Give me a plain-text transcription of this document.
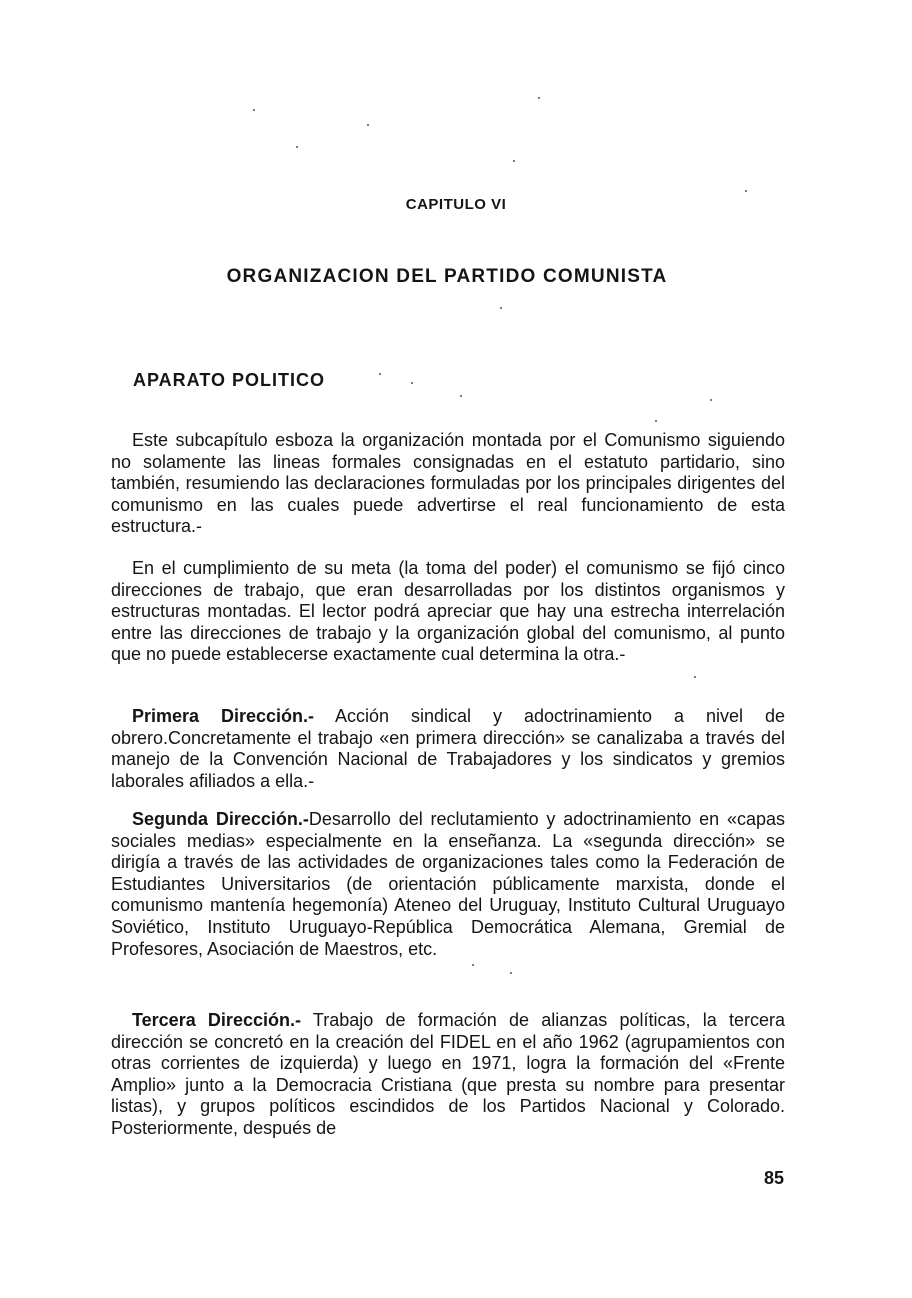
CAPITULO VI
ORGANIZACION DEL PARTIDO COMUNISTA
APARATO POLITICO

Este subcapítulo esboza la organización montada por el Comunismo siguiendo no solamente las lineas formales consignadas en el estatuto partidario, sino también, resumiendo las declaraciones formuladas por los principales dirigentes del comunismo en las cuales puede advertirse el real funcionamiento de esta estructura.-

En el cumplimiento de su meta (la toma del poder) el comunismo se fijó cinco direcciones de trabajo, que eran desarrolladas por los distintos organismos y estructuras montadas. El lector podrá apreciar que hay una estrecha interrelación entre las direcciones de trabajo y la organización global del comunismo, al punto que no puede establecerse exactamente cual determina la otra.-

Primera Dirección.- Acción sindical y adoctrinamiento a nivel de obrero.Concretamente el trabajo «en primera dirección» se canalizaba a través del manejo de la Convención Nacional de Trabajadores y los sindicatos y gremios laborales afiliados a ella.-

Segunda Dirección.-Desarrollo del reclutamiento y adoctrinamiento en «capas sociales medias» especialmente en la enseñanza. La «segunda dirección» se dirigía a través de las actividades de organizaciones tales como la Federación de Estudiantes Universitarios (de orientación públicamente marxista, donde el comunismo mantenía hegemonía) Ateneo del Uruguay, Instituto Cultural Uruguayo Soviético, Instituto Uruguayo-República Democrática Alemana, Gremial de Profesores, Asociación de Maestros, etc.

Tercera Dirección.- Trabajo de formación de alianzas políticas, la tercera dirección se concretó en la creación del FIDEL en el año 1962 (agrupamientos con otras corrientes de izquierda) y luego en 1971, logra la formación del «Frente Amplio» junto a la Democracia Cristiana (que presta su nombre para presentar listas), y grupos políticos escindidos de los Partidos Nacional y Colorado. Posteriormente, después de

85
